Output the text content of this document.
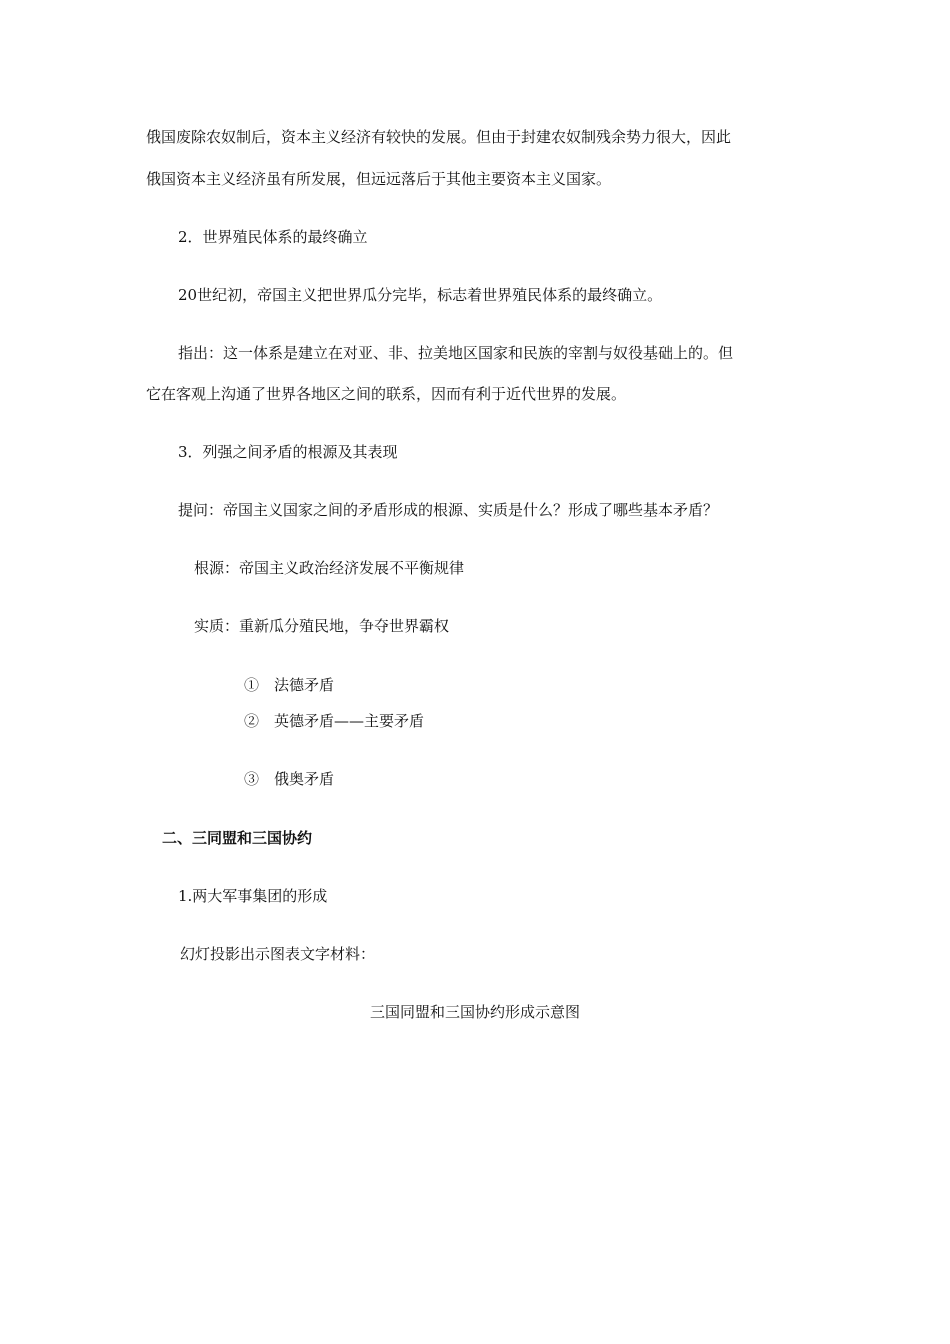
俄国废除农奴制后，资本主义经济有较快的发展。但由于封建农奴制残余势力很大，因此
俄国资本主义经济虽有所发展，但远远落后于其他主要资本主义国家。
2．世界殖民体系的最终确立
20世纪初，帝国主义把世界瓜分完毕，标志着世界殖民体系的最终确立。
指出：这一体系是建立在对亚、非、拉美地区国家和民族的宰割与奴役基础上的。但
它在客观上沟通了世界各地区之间的联系，因而有利于近代世界的发展。
3．列强之间矛盾的根源及其表现
提问：帝国主义国家之间的矛盾形成的根源、实质是什么？形成了哪些基本矛盾？
根源：帝国主义政治经济发展不平衡规律
实质：重新瓜分殖民地，争夺世界霸权
①　法德矛盾
②　英德矛盾——主要矛盾
③　俄奥矛盾
二、三同盟和三国协约
1.两大军事集团的形成
幻灯投影出示图表文字材料：
三国同盟和三国协约形成示意图
